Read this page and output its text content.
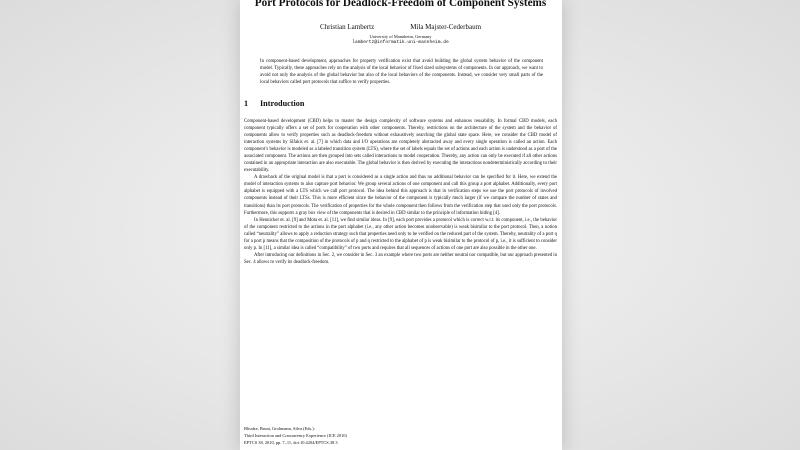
Port Protocols for Deadlock-Freedom of Component Systems
Christian Lambertz	Mila Majster-Cederbaum
University of Mannheim, Germany
lambertz@informatik.uni-mannheim.de
In component-based development, approaches for property verification exist that avoid building the global system behavior of the component model. Typically, these approaches rely on the analysis of the local behavior of fixed sized subsystems of components. In our approach, we want to avoid not only the analysis of the global behavior but also of the local behaviors of the components. Instead, we consider very small parts of the local behaviors called port protocols that suffice to verify properties.
1 Introduction

Component-based development (CBD) helps to master the design complexity of software systems and enhances reusability. In formal CBD models, each component typically offers a set of ports for cooperation with other components. Thereby, restrictions on the architecture of the system and the behavior of components allow to verify properties such as deadlock-freedom without exhaustively searching the global state space. Here, we consider the CBD model of interaction systems by Sifakis et. al. [7] in which data and I/O operations are completely abstracted away and every single operation is called an action. Each component’s behavior is modeled as a labeled transition system (LTS), where the set of labels equals the set of actions and each action is understood as a port of the associated component. The actions are then grouped into sets called interactions to model cooperation. Thereby, any action can only be executed if all other actions contained in an appropriate interaction are also executable. The global behavior is then derived by executing the interactions nondeterministically according to their executability.

A drawback of the original model is that a port is considered as a single action and thus no additional behavior can be specified for it. Here, we extend the model of interaction systems to also capture port behavior. We group several actions of one component and call this group a port alphabet. Additionally, every port alphabet is equipped with a LTS which we call port protocol. The idea behind this approach is that in verification steps we use the port protocols of involved components instead of their LTSs. This is more efficient since the behavior of the component is typically much larger (if we compare the number of states and transitions) than its port protocols. The verification of properties for the whole component then follows from the verification step that used only the port protocols. Furthermore, this supports a gray box view of the components that is desired in CBD similar to the principle of information hiding [4].

In Hennicker et. al. [9] and Mota et. al. [11], we find similar ideas. In [9], each port provides a protocol which is correct w.r.t. its component, i.e., the behavior of the component restricted to the actions in the port alphabet (i.e., any other action becomes unobservable) is weak bisimilar to the port protocol. Then, a notion called “neutrality” allows to apply a reduction strategy such that properties need only to be verified on the reduced part of the system. Thereby, neutrality of a port q for a port p means that the composition of the protocols of p and q restricted to the alphabet of p is weak bisimilar to the protocol of p, i.e., it is sufficient to consider only p. In [11], a similar idea is called “compatibility” of two ports and requires that all sequences of actions of one port are also possible in the other one.

After introducing our definitions in Sec. 2, we consider in Sec. 3 an example where two ports are neither neutral nor compatible, but our approach presented in Sec. 4 allows to verify its deadlock-freedom.

Bliudze, Bruni, Grohmann, Silva (Eds.):
Third Interaction and Concurrency Experience (ICE 2010)
EPTCS 38, 2010, pp. 7–11, doi:10.4204/EPTCS.38.3
